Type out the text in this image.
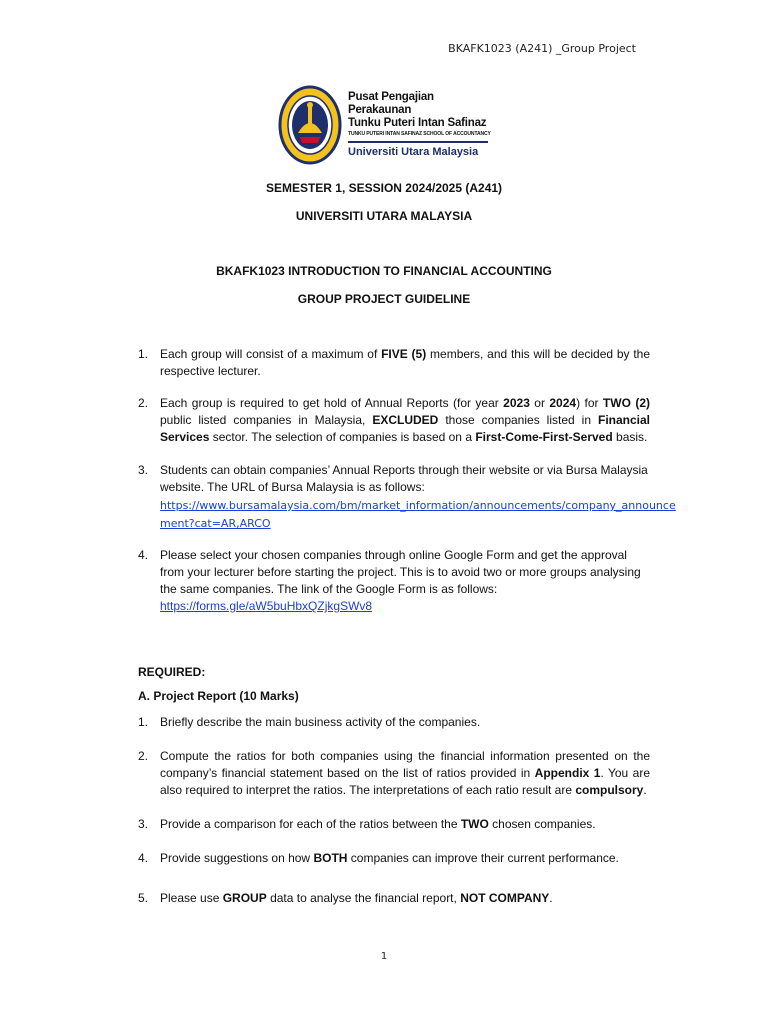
BKAFK1023 (A241) _Group Project
Pusat Pengajian Perakaunan
Tunku Puteri Intan Safinaz
TUNKU PUTERI INTAN SAFINAZ SCHOOL OF ACCOUNTANCY
Universiti Utara Malaysia
SEMESTER 1, SESSION 2024/2025 (A241)
UNIVERSITI UTARA MALAYSIA
BKAFK1023 INTRODUCTION TO FINANCIAL ACCOUNTING
GROUP PROJECT GUIDELINE
1. Each group will consist of a maximum of FIVE (5) members, and this will be decided by the respective lecturer.
2. Each group is required to get hold of Annual Reports (for year 2023 or 2024) for TWO (2) public listed companies in Malaysia, EXCLUDED those companies listed in Financial Services sector. The selection of companies is based on a First-Come-First-Served basis.
3. Students can obtain companies’ Annual Reports through their website or via Bursa Malaysia website. The URL of Bursa Malaysia is as follows:
https://www.bursamalaysia.com/bm/market_information/announcements/company_announce
ment?cat=AR,ARCO
4. Please select your chosen companies through online Google Form and get the approval from your lecturer before starting the project. This is to avoid two or more groups analysing the same companies. The link of the Google Form is as follows:
https://forms.gle/aW5buHbxQZjkgSWv8
REQUIRED:
A. Project Report (10 Marks)
1. Briefly describe the main business activity of the companies.
2. Compute the ratios for both companies using the financial information presented on the company’s financial statement based on the list of ratios provided in Appendix 1. You are also required to interpret the ratios. The interpretations of each ratio result are compulsory.
3. Provide a comparison for each of the ratios between the TWO chosen companies.
4. Provide suggestions on how BOTH companies can improve their current performance.
5. Please use GROUP data to analyse the financial report, NOT COMPANY.
1
